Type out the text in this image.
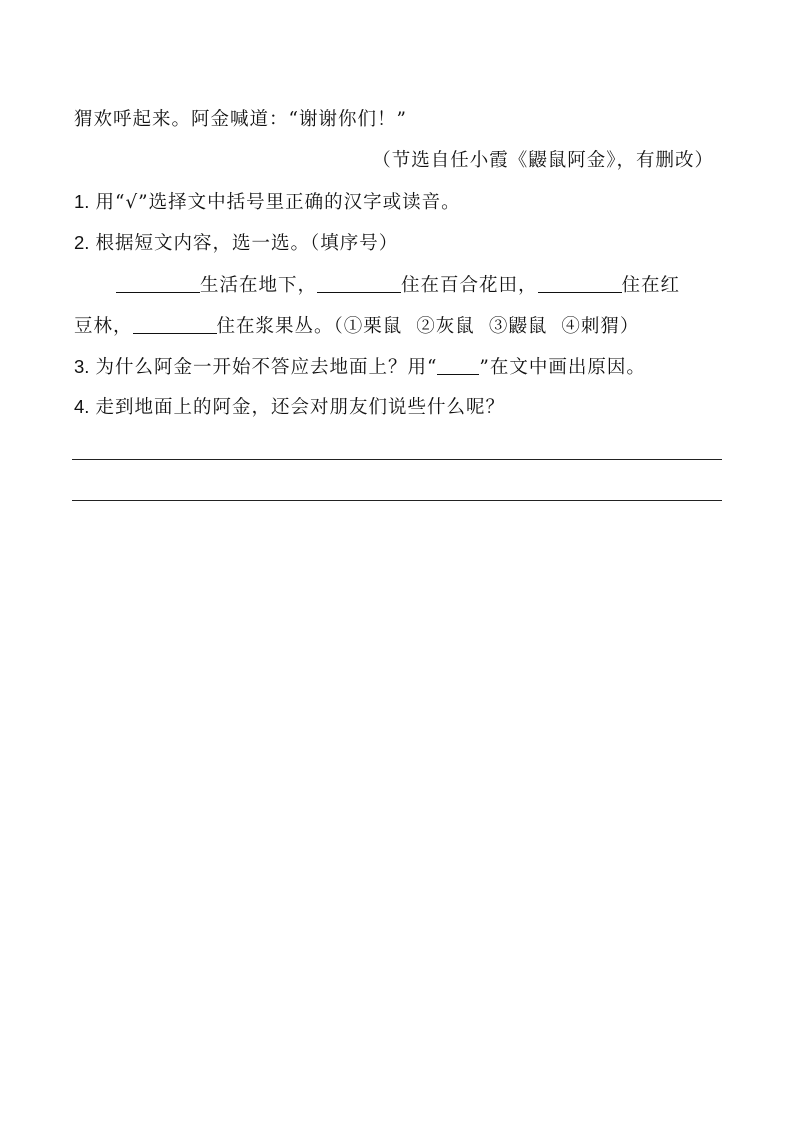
猬欢呼起来。阿金喊道：“谢谢你们！”
（节选自任小霞《鼹鼠阿金》，有删改）
1. 用“√”选择文中括号里正确的汉字或读音。
2. 根据短文内容，选一选。（填序号）
生活在地下，	住在百合花田，	住在红
豆林，	住在浆果丛。（①栗鼠 ②灰鼠 ③鼹鼠 ④刺猬）
3. 为什么阿金一开始不答应去地面上？用“ ”在文中画出原因。
4. 走到地面上的阿金，还会对朋友们说些什么呢？
